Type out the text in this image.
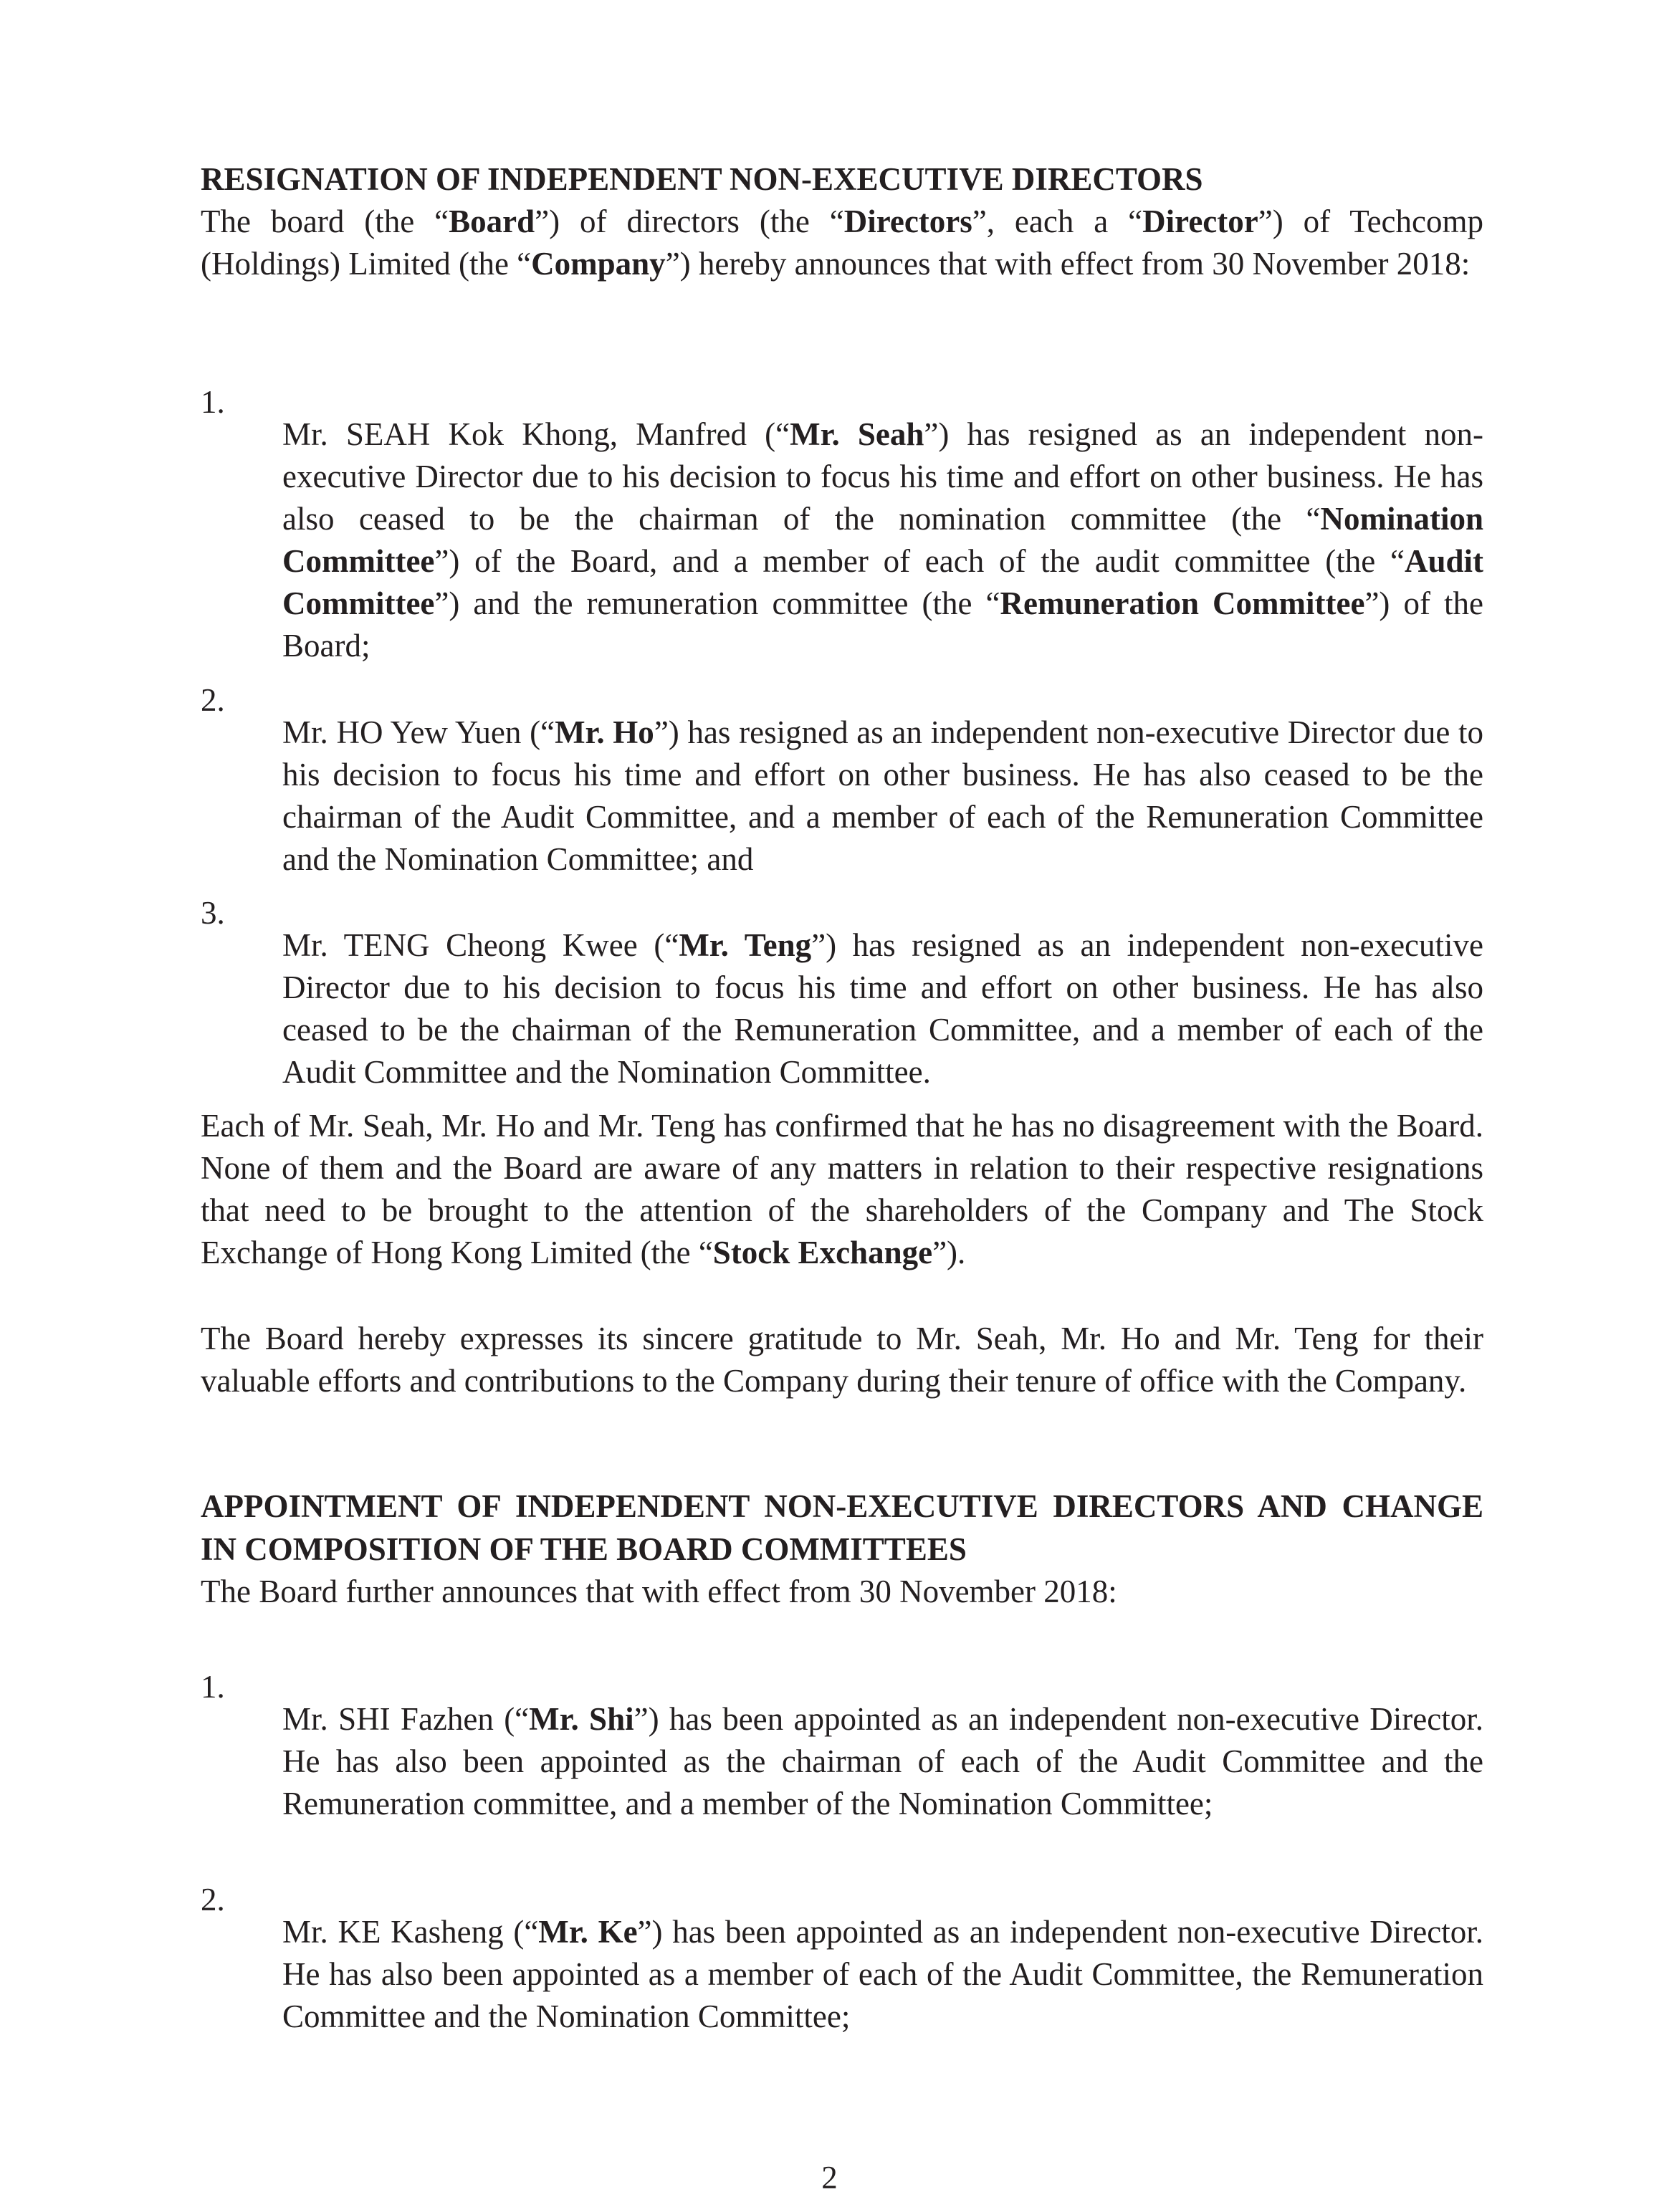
RESIGNATION OF INDEPENDENT NON-EXECUTIVE DIRECTORS

The board (the “Board”) of directors (the “Directors”, each a “Director”) of Techcomp (Holdings) Limited (the “Company”) hereby announces that with effect from 30 November 2018:

1.

Mr. SEAH Kok Khong, Manfred (“Mr. Seah”) has resigned as an independent non-executive Director due to his decision to focus his time and effort on other business. He has also ceased to be the chairman of the nomination committee (the “Nomination Committee”) of the Board, and a member of each of the audit committee (the “Audit Committee”) and the remuneration committee (the “Remuneration Committee”) of the Board;

2.

Mr. HO Yew Yuen (“Mr. Ho”) has resigned as an independent non-executive Director due to his decision to focus his time and effort on other business. He has also ceased to be the chairman of the Audit Committee, and a member of each of the Remuneration Committee and the Nomination Committee; and

3.

Mr. TENG Cheong Kwee (“Mr. Teng”) has resigned as an independent non-executive Director due to his decision to focus his time and effort on other business. He has also ceased to be the chairman of the Remuneration Committee, and a member of each of the Audit Committee and the Nomination Committee.

Each of Mr. Seah, Mr. Ho and Mr. Teng has confirmed that he has no disagreement with the Board. None of them and the Board are aware of any matters in relation to their respective resignations that need to be brought to the attention of the shareholders of the Company and The Stock Exchange of Hong Kong Limited (the “Stock Exchange”).

The Board hereby expresses its sincere gratitude to Mr. Seah, Mr. Ho and Mr. Teng for their valuable efforts and contributions to the Company during their tenure of office with the Company.

APPOINTMENT OF INDEPENDENT NON-EXECUTIVE DIRECTORS AND CHANGE IN COMPOSITION OF THE BOARD COMMITTEES

The Board further announces that with effect from 30 November 2018:

1.

Mr. SHI Fazhen (“Mr. Shi”) has been appointed as an independent non-executive Director. He has also been appointed as the chairman of each of the Audit Committee and the Remuneration committee, and a member of the Nomination Committee;

2.

Mr. KE Kasheng (“Mr. Ke”) has been appointed as an independent non-executive Director. He has also been appointed as a member of each of the Audit Committee, the Remuneration Committee and the Nomination Committee;

2
